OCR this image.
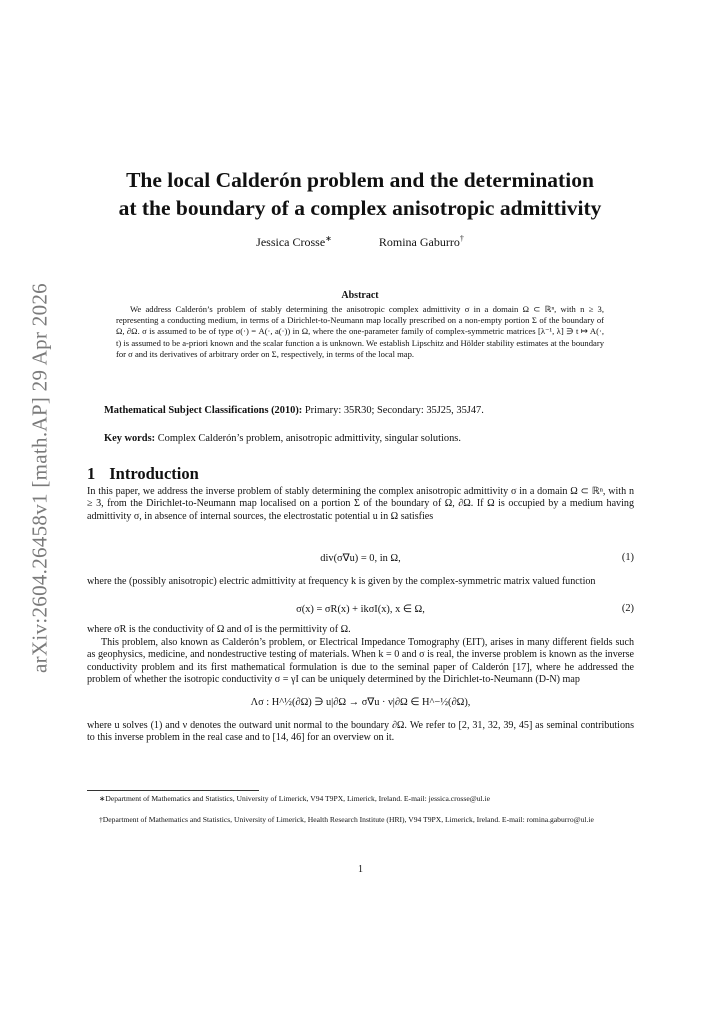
arXiv:2604.26458v1 [math.AP] 29 Apr 2026
The local Calderón problem and the determination
at the boundary of a complex anisotropic admittivity
Jessica Crosse∗	Romina Gaburro†
Abstract
We address Calderón’s problem of stably determining the anisotropic complex admittivity σ in a domain Ω ⊂ ℝⁿ, with n ≥ 3, representing a conducting medium, in terms of a Dirichlet-to-Neumann map locally prescribed on a non-empty portion Σ of the boundary of Ω, ∂Ω. σ is assumed to be of type σ(·) = A(·, a(·)) in Ω, where the one-parameter family of complex-symmetric matrices [λ⁻¹, λ] ∋ t ↦ A(·, t) is assumed to be a-priori known and the scalar function a is unknown. We establish Lipschitz and Hölder stability estimates at the boundary for σ and its derivatives of arbitrary order on Σ, respectively, in terms of the local map.
Mathematical Subject Classifications (2010): Primary: 35R30; Secondary: 35J25, 35J47.
Key words: Complex Calderón’s problem, anisotropic admittivity, singular solutions.
1 Introduction
In this paper, we address the inverse problem of stably determining the complex anisotropic admittivity σ in a domain Ω ⊂ ℝⁿ, with n ≥ 3, from the Dirichlet-to-Neumann map localised on a portion Σ of the boundary of Ω, ∂Ω. If Ω is occupied by a medium having admittivity σ, in absence of internal sources, the electrostatic potential u in Ω satisfies
div(σ∇u) = 0, in Ω,	(1)
where the (possibly anisotropic) electric admittivity at frequency k is given by the complex-symmetric matrix valued function
σ(x) = σR(x) + ikσI(x), x ∈ Ω,	(2)
where σR is the conductivity of Ω and σI is the permittivity of Ω.
This problem, also known as Calderón’s problem, or Electrical Impedance Tomography (EIT), arises in many different fields such as geophysics, medicine, and nondestructive testing of materials. When k = 0 and σ is real, the inverse problem is known as the inverse conductivity problem and its first mathematical formulation is due to the seminal paper of Calderón [17], where he addressed the problem of whether the isotropic conductivity σ = γI can be uniquely determined by the Dirichlet-to-Neumann (D-N) map
Λσ : H^½(∂Ω) ∋ u|∂Ω → σ∇u · ν|∂Ω ∈ H^−½(∂Ω),
where u solves (1) and ν denotes the outward unit normal to the boundary ∂Ω. We refer to [2, 31, 32, 39, 45] as seminal contributions to this inverse problem in the real case and to [14, 46] for an overview on it.
∗Department of Mathematics and Statistics, University of Limerick, V94 T9PX, Limerick, Ireland. E-mail: jessica.crosse@ul.ie
†Department of Mathematics and Statistics, University of Limerick, Health Research Institute (HRI), V94 T9PX, Limerick, Ireland. E-mail: romina.gaburro@ul.ie
1
